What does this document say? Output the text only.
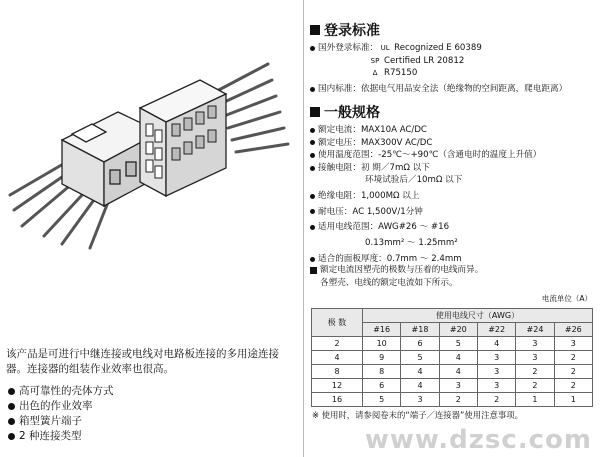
该产品是可进行中继连接或电线对电路板连接的多用途连接器。连接器的组装作业效率也很高。
高可靠性的壳体方式
出色的作业效率
箱型簧片端子
2 种连接类型
登录标准
国外登录标准： UL Recognized E 60389
SP Certified LR 20812
Δ R75150
国内标准：依据电气用品安全法（绝缘物的空间距离，爬电距离）
一般规格
额定电流：MAX10A AC/DC
额定电压：MAX300V AC/DC
使用温度范围：-25℃～+90℃（含通电时的温度上升值）
接触电阻：初 期／7mΩ 以下
环境试验后／10mΩ 以下
绝缘电阻：1,000MΩ 以上
耐电压：AC 1,500V/1分钟
适用电线范围：AWG#26 ～ #16
0.13mm² ～ 1.25mm²
适合的面板厚度：0.7mm ～ 2.4mm
额定电流因塑壳的极数与压着的电线而异。
各塑壳、电线的额定电流如下所示。
电流单位（A）
极 数	使用电线尺寸（AWG）					
	#16	#18	#20	#22	#24	#26
2	10	6	5	4	3	3
4	9	5	4	3	3	2
8	8	4	4	3	2	2
12	6	4	3	3	2	2
16	5	3	2	2	1	1
※ 使用时，请参阅卷末的“端子／连接器”使用注意事项。
www.dzsc.com
